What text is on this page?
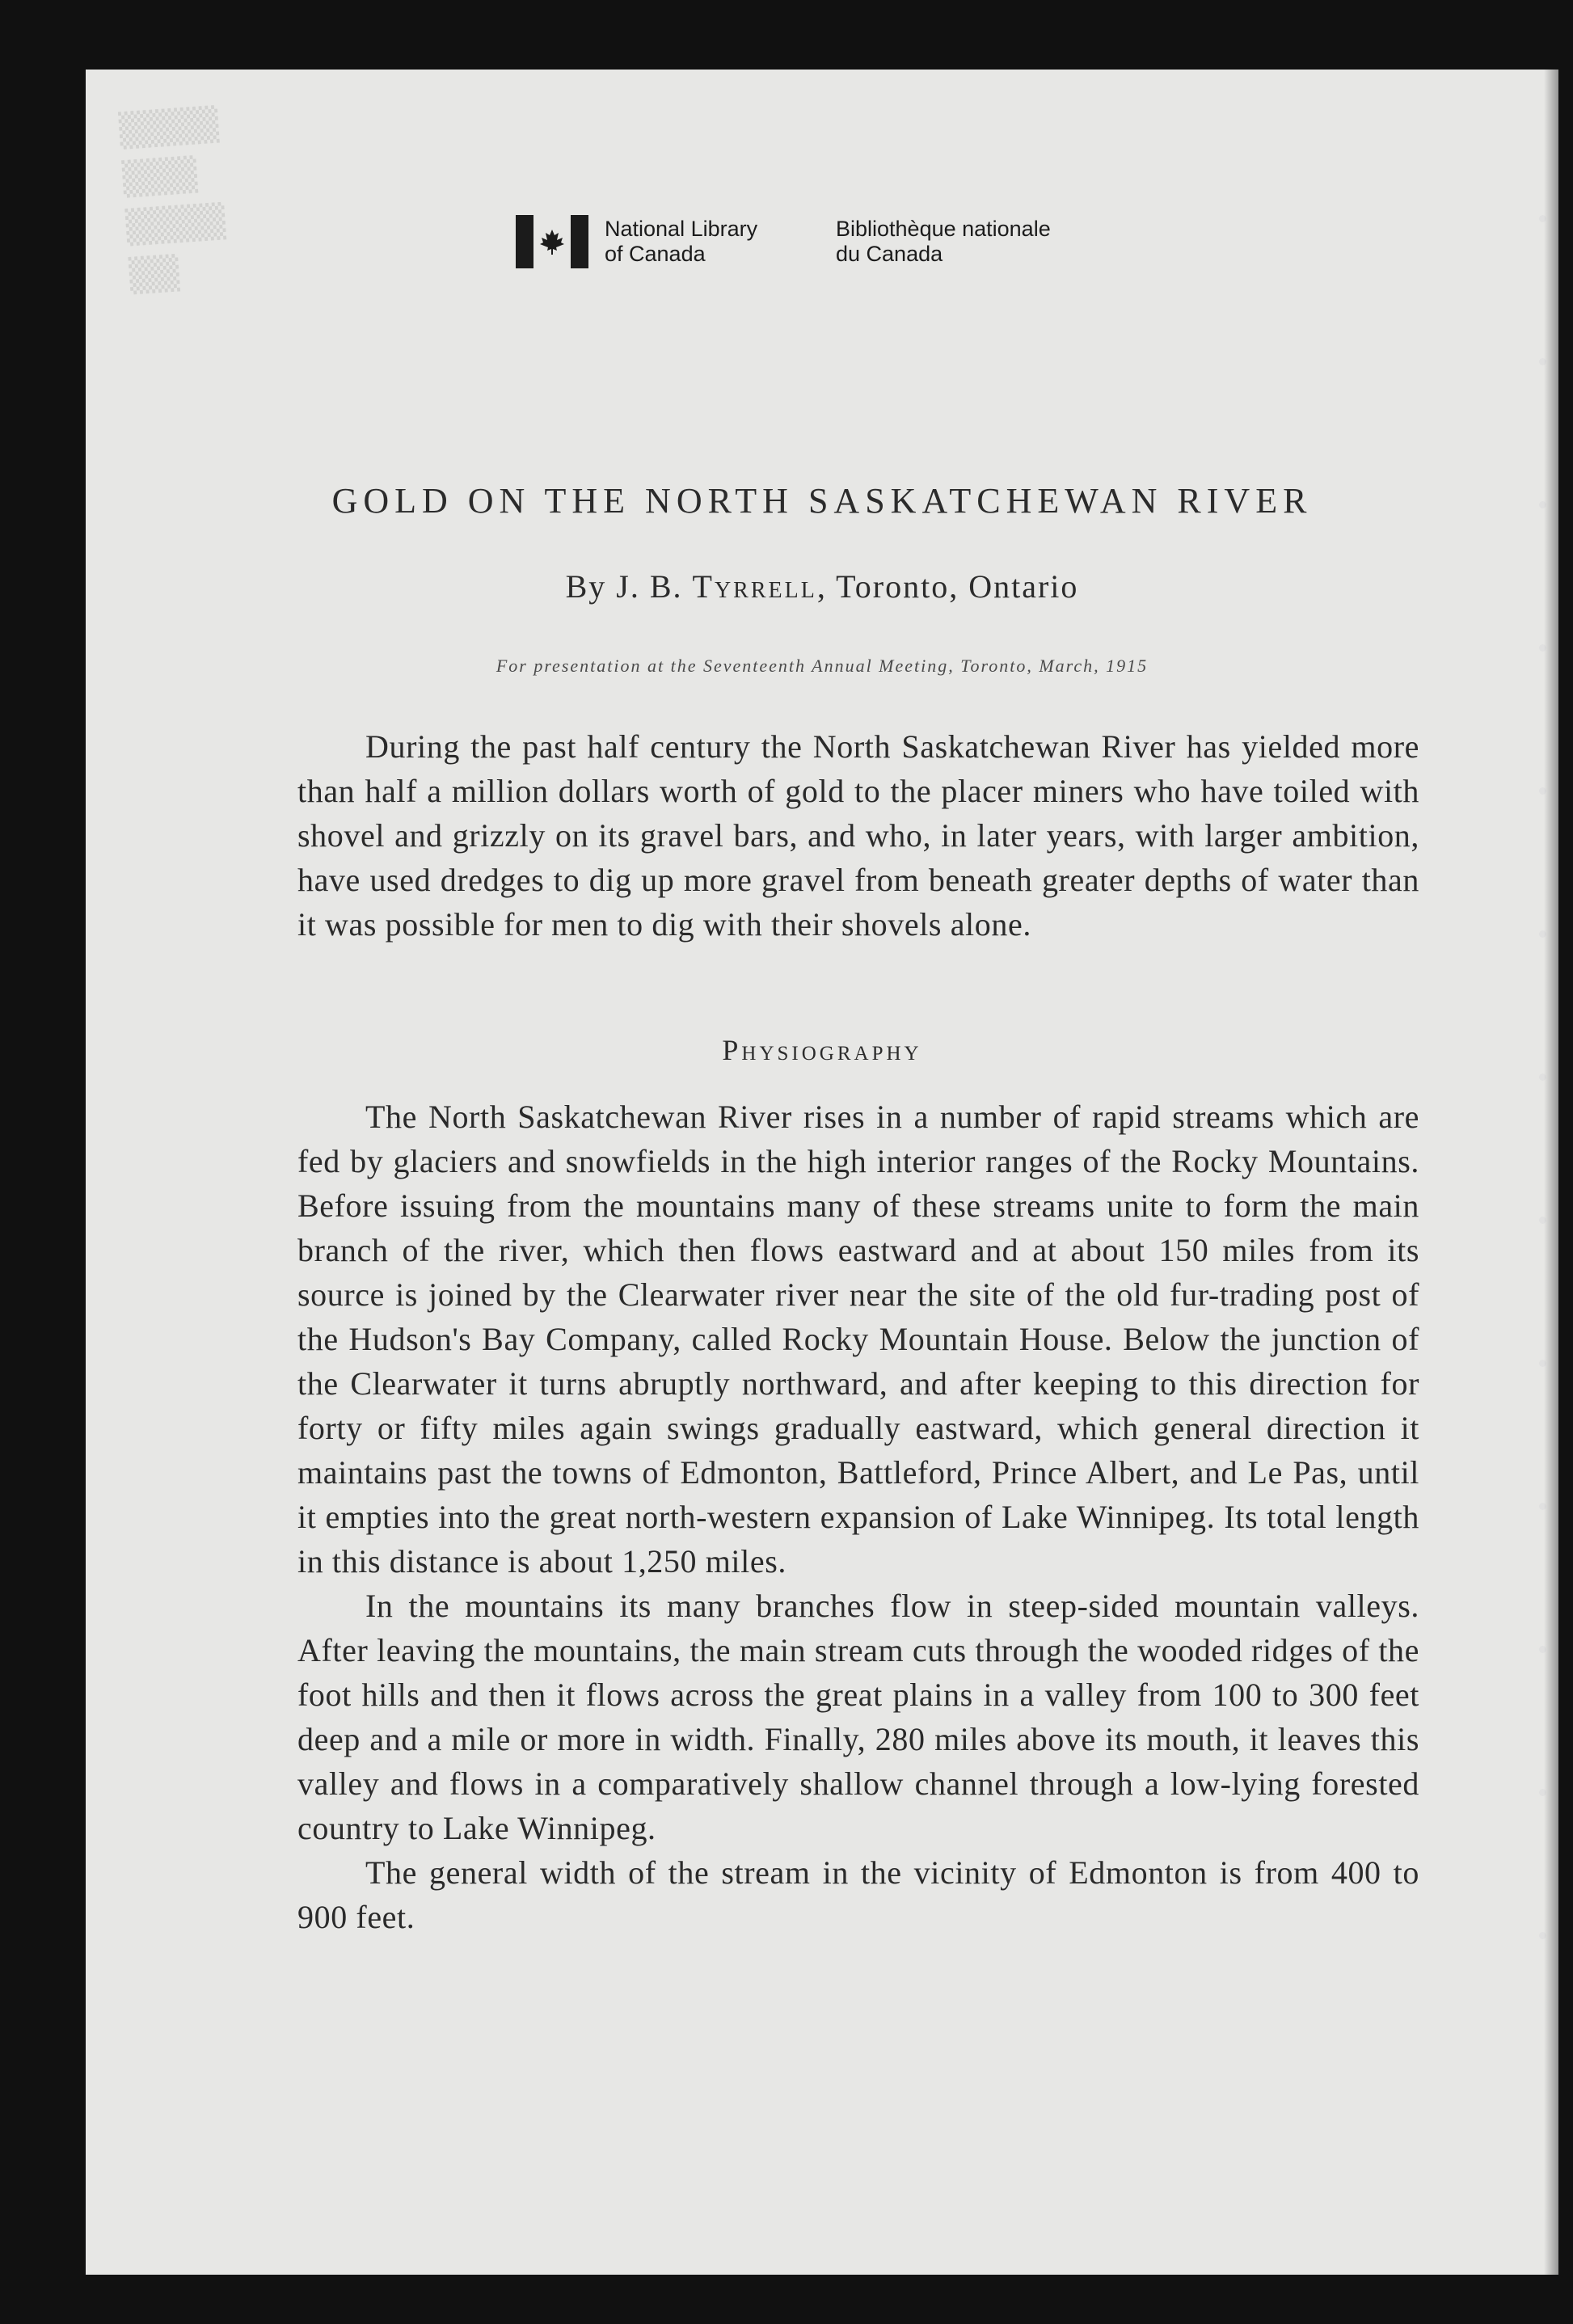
▒▒▒▒
▒▒▒
▒▒▒▒
▒▒
National Library
of Canada
Bibliothèque nationale
du Canada
GOLD ON THE NORTH SASKATCHEWAN RIVER
By J. B. Tyrrell, Toronto, Ontario
For presentation at the Seventeenth Annual Meeting, Toronto, March, 1915

During the past half century the North Saskatchewan River has yielded more than half a million dollars worth of gold to the placer miners who have toiled with shovel and grizzly on its gravel bars, and who, in later years, with larger ambition, have used dredges to dig up more gravel from beneath greater depths of water than it was possible for men to dig with their shovels alone.

Physiography

The North Saskatchewan River rises in a number of rapid streams which are fed by glaciers and snowfields in the high interior ranges of the Rocky Mountains. Before issuing from the mountains many of these streams unite to form the main branch of the river, which then flows eastward and at about 150 miles from its source is joined by the Clearwater river near the site of the old fur-trading post of the Hudson's Bay Company, called Rocky Mountain House. Below the junction of the Clearwater it turns abruptly northward, and after keeping to this direction for forty or fifty miles again swings gradually eastward, which general direction it maintains past the towns of Edmonton, Battleford, Prince Albert, and Le Pas, until it empties into the great north-western expansion of Lake Winnipeg. Its total length in this distance is about 1,250 miles.

In the mountains its many branches flow in steep-sided mountain valleys. After leaving the mountains, the main stream cuts through the wooded ridges of the foot hills and then it flows across the great plains in a valley from 100 to 300 feet deep and a mile or more in width. Finally, 280 miles above its mouth, it leaves this valley and flows in a comparatively shallow channel through a low-lying forested country to Lake Winnipeg.

The general width of the stream in the vicinity of Edmonton is from 400 to 900 feet.
